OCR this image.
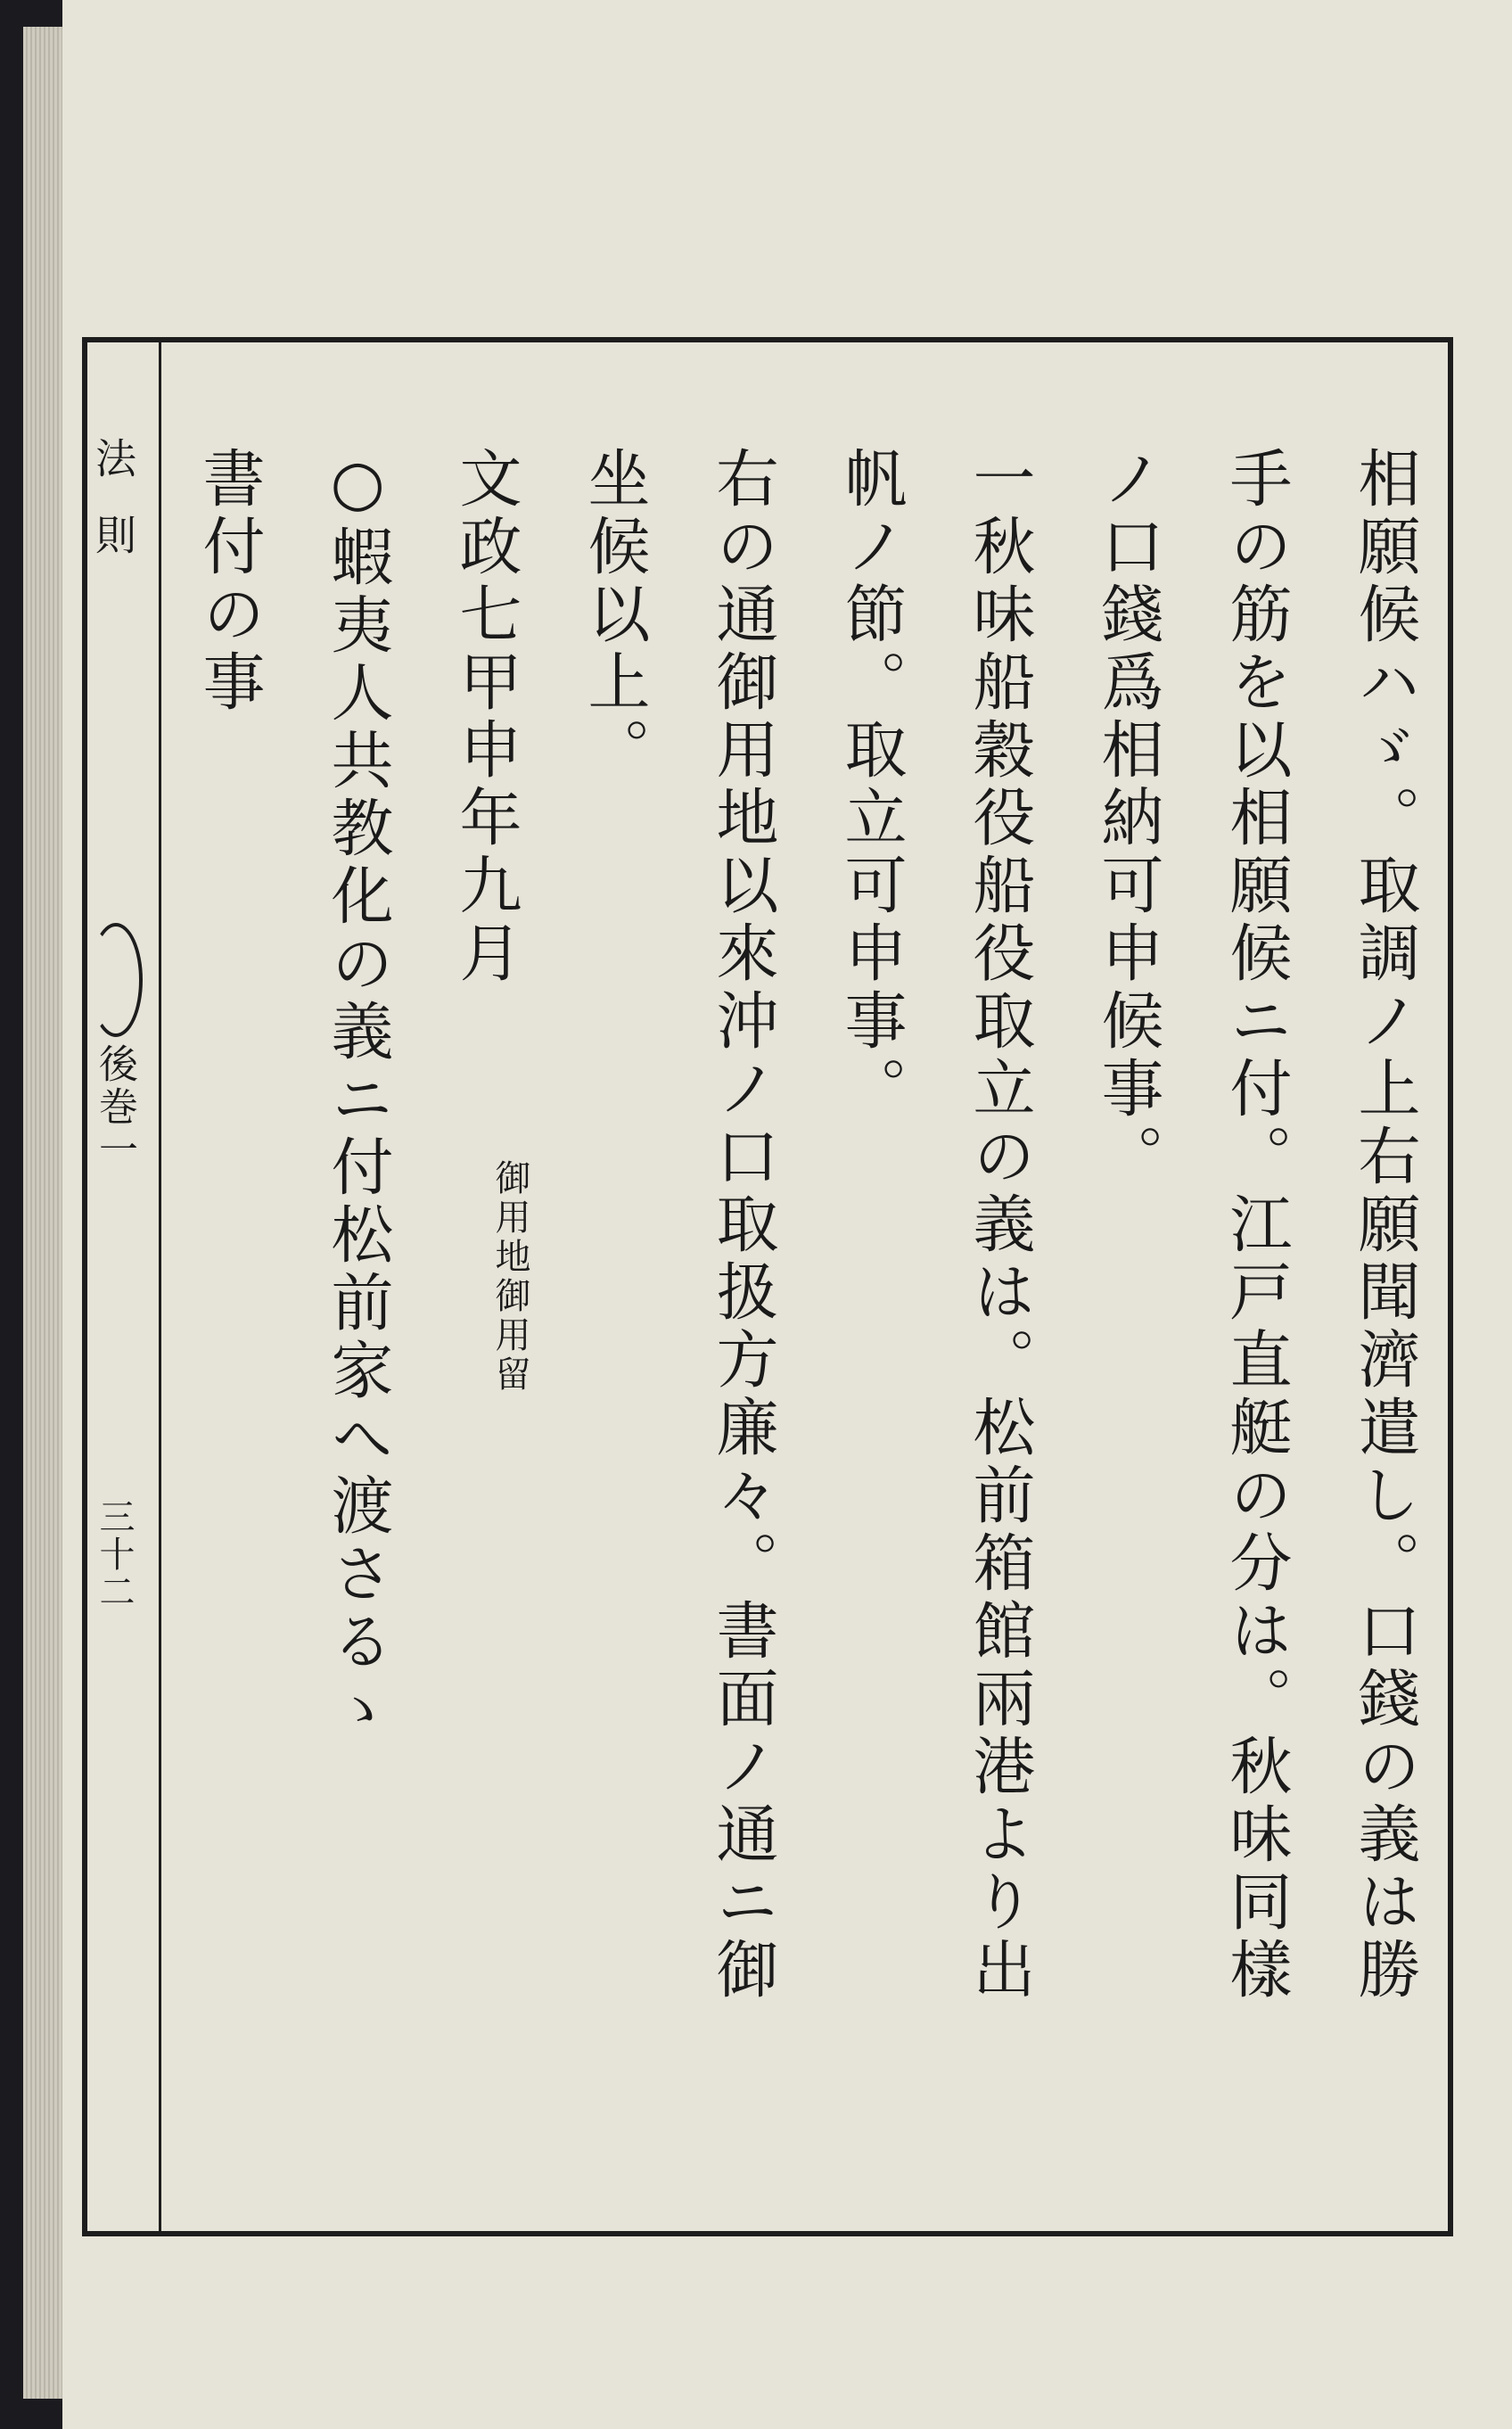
法則
後巻一
三十二	相願候ハゞ。取調ノ上右願聞濟遣し。口錢の義は勝
手の筋を以相願候ニ付。江戸直艇の分は。秋味同樣
ノ口錢爲相納可申候事。
一秋味船穀役船役取立の義は。松前箱館兩港より出
帆ノ節。取立可申事。
右の通御用地以來沖ノ口取扱方廉々。書面ノ通ニ御
坐候以上。
文政七甲申年九月
御用地御用留
○蝦夷人共教化の義ニ付松前家へ渡さるゝ
書付の事
